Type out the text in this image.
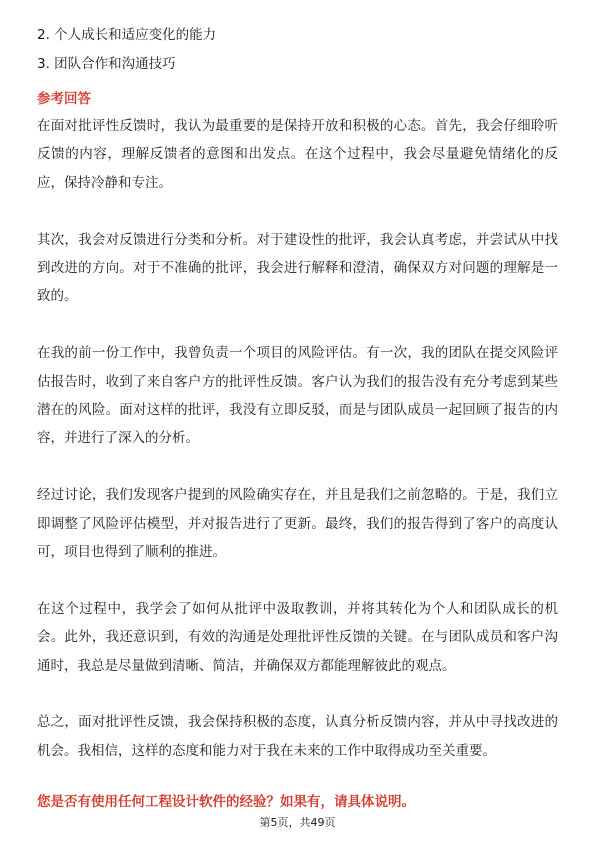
2. 个人成长和适应变化的能力
3. 团队合作和沟通技巧
参考回答

在面对批评性反馈时，我认为最重要的是保持开放和积极的心态。首先，我会仔细聆听反馈的内容，理解反馈者的意图和出发点。在这个过程中，我会尽量避免情绪化的反应，保持冷静和专注。

其次，我会对反馈进行分类和分析。对于建设性的批评，我会认真考虑，并尝试从中找到改进的方向。对于不准确的批评，我会进行解释和澄清，确保双方对问题的理解是一致的。

在我的前一份工作中，我曾负责一个项目的风险评估。有一次，我的团队在提交风险评估报告时，收到了来自客户方的批评性反馈。客户认为我们的报告没有充分考虑到某些潜在的风险。面对这样的批评，我没有立即反驳，而是与团队成员一起回顾了报告的内容，并进行了深入的分析。

经过讨论，我们发现客户提到的风险确实存在，并且是我们之前忽略的。于是，我们立即调整了风险评估模型，并对报告进行了更新。最终，我们的报告得到了客户的高度认可，项目也得到了顺利的推进。

在这个过程中，我学会了如何从批评中汲取教训，并将其转化为个人和团队成长的机会。此外，我还意识到，有效的沟通是处理批评性反馈的关键。在与团队成员和客户沟通时，我总是尽量做到清晰、简洁，并确保双方都能理解彼此的观点。

总之，面对批评性反馈，我会保持积极的态度，认真分析反馈内容，并从中寻找改进的机会。我相信，这样的态度和能力对于我在未来的工作中取得成功至关重要。

您是否有使用任何工程设计软件的经验？如果有，请具体说明。
第5页，共49页
